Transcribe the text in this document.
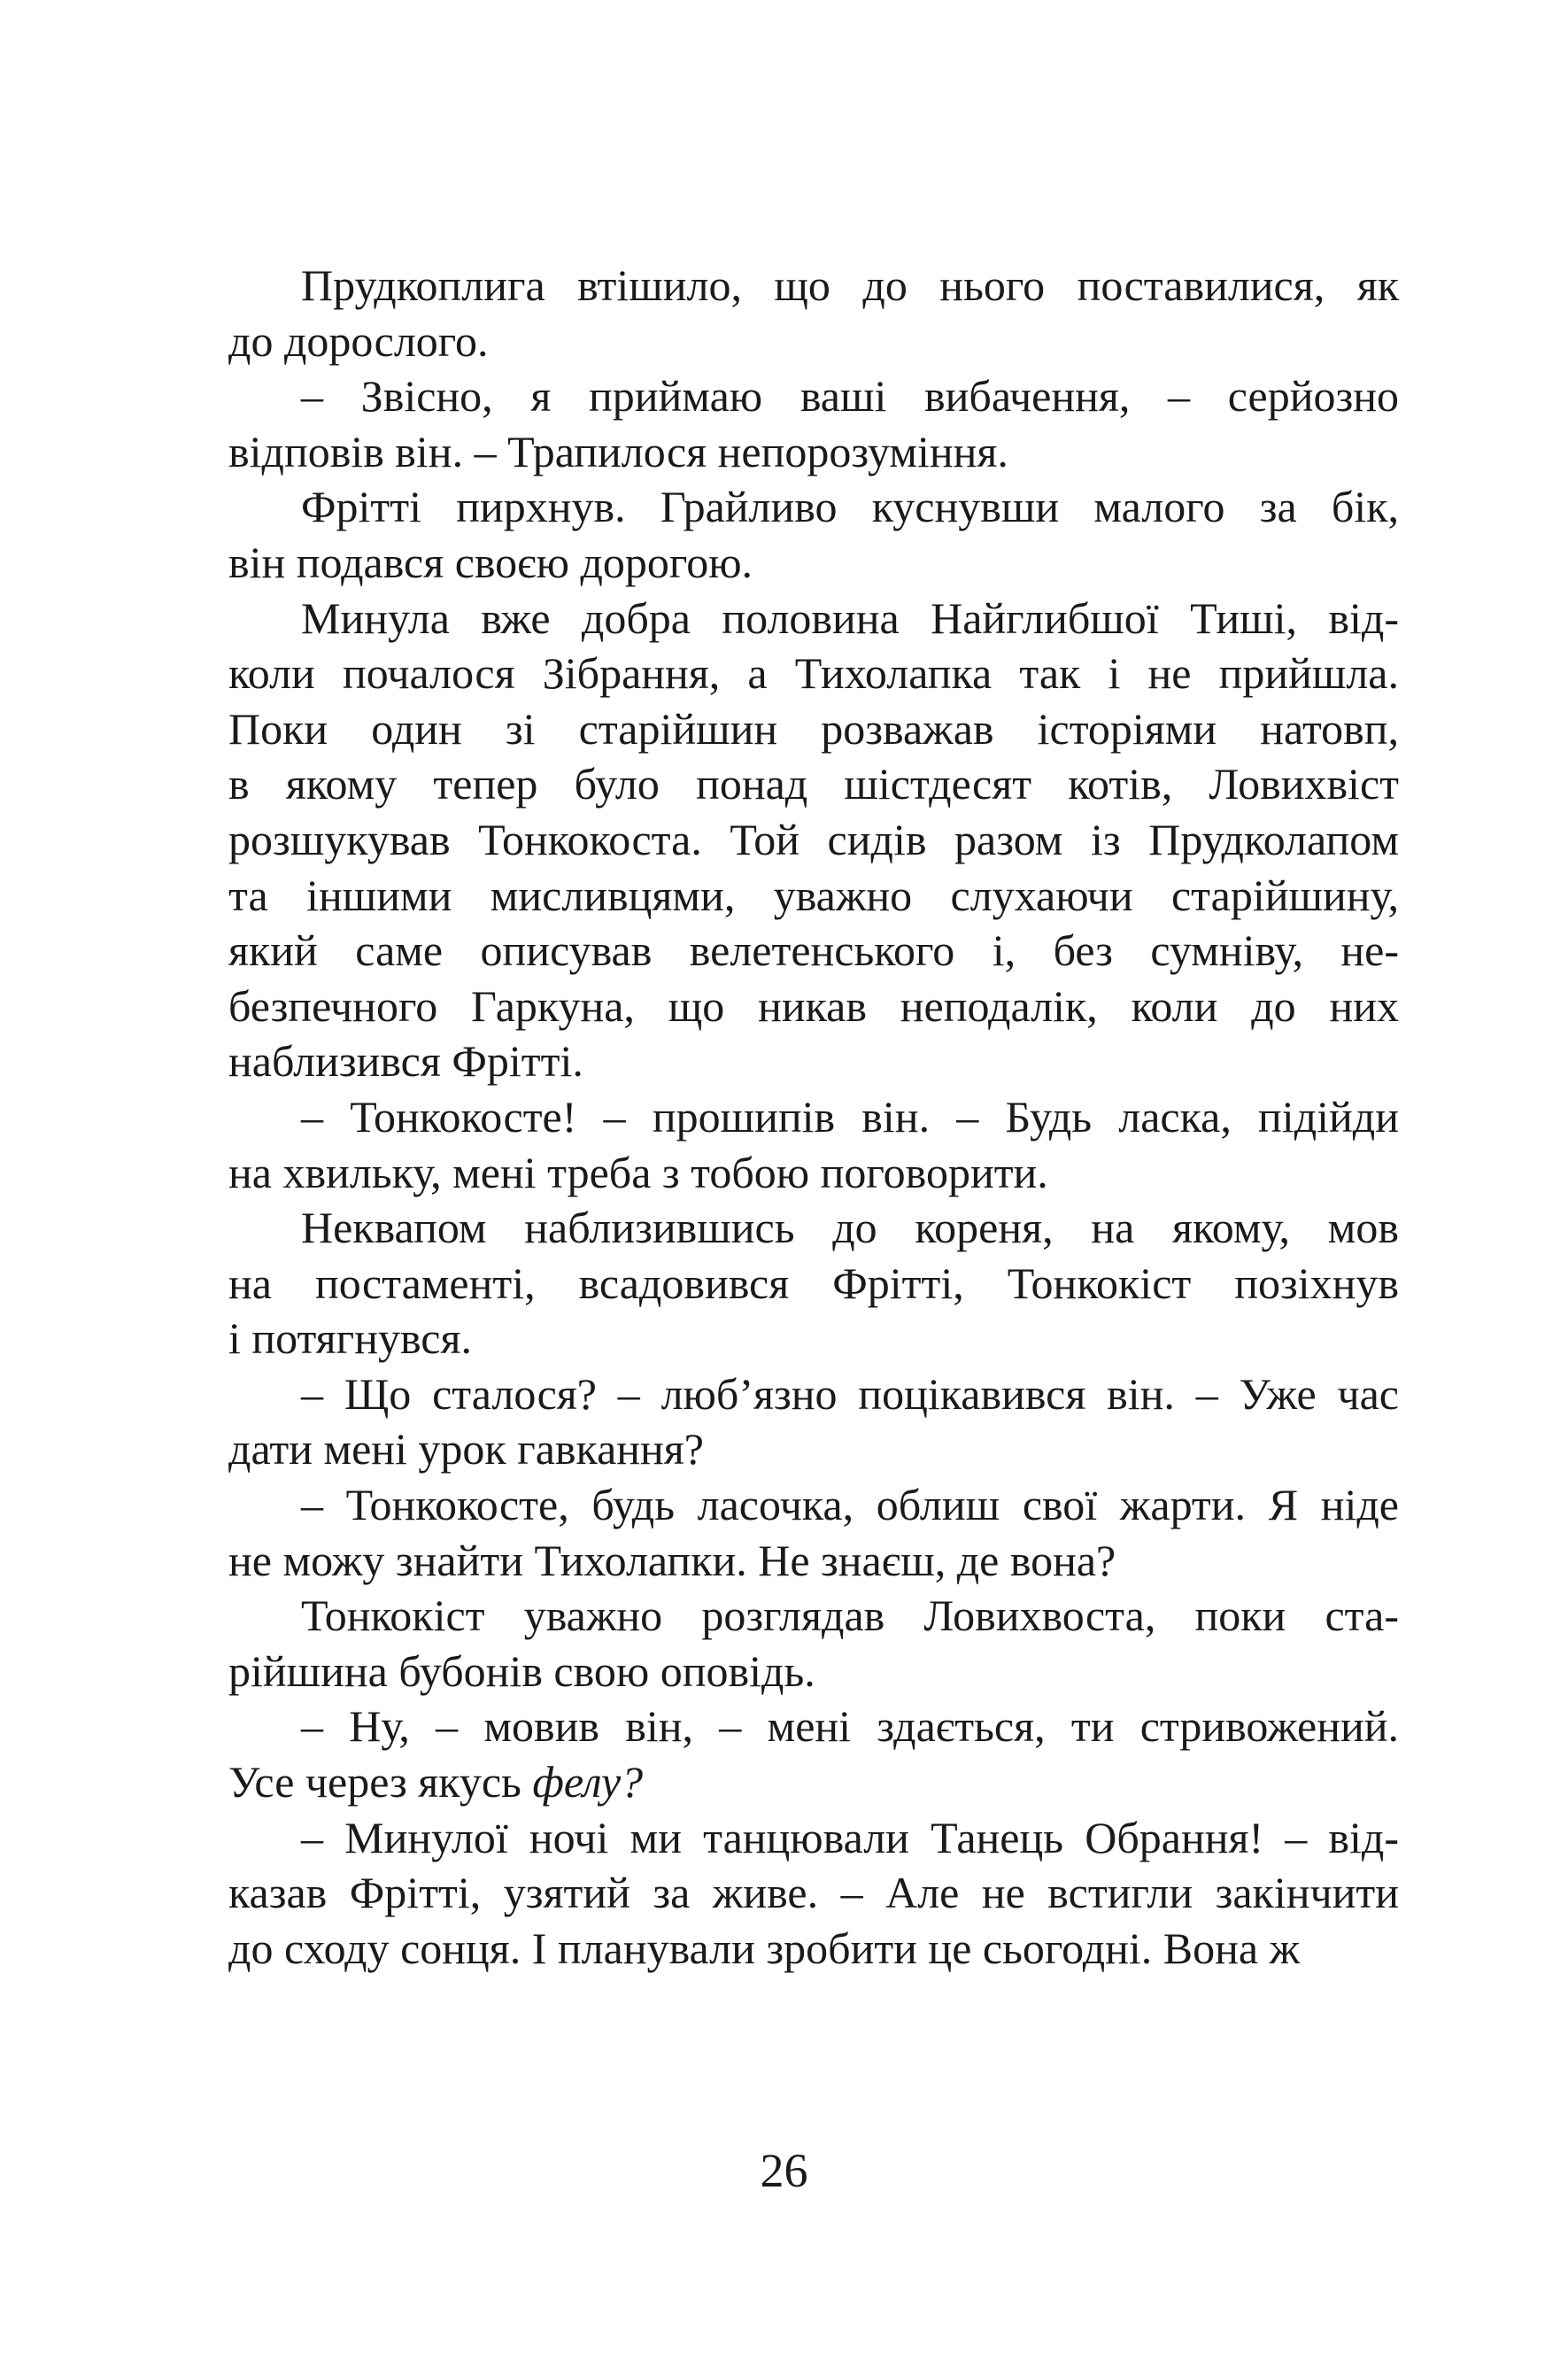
Прудкоплига втішило, що до нього поставилися, як
до дорослого.
– Звісно, я приймаю ваші вибачення, – серйозно
відповів він. – Трапилося непорозуміння.
Фрітті пирхнув. Грайливо куснувши малого за бік,
він подався своєю дорогою.
Минула вже добра половина Найглибшої Тиші, від-
коли почалося Зібрання, а Тихолапка так і не прийшла.
Поки один зі старійшин розважав історіями натовп,
в якому тепер було понад шістдесят котів, Ловихвіст
розшукував Тонкокоста. Той сидів разом із Прудколапом
та іншими мисливцями, уважно слухаючи старійшину,
який саме описував велетенського і, без сумніву, не-
безпечного Гаркуна, що никав неподалік, коли до них
наблизився Фрітті.
– Тонкокосте! – прошипів він. – Будь ласка, підійди
на хвильку, мені треба з тобою поговорити.
Неквапом наблизившись до кореня, на якому, мов
на постаменті, всадовився Фрітті, Тонкокіст позіхнув
і потягнувся.
– Що сталося? – люб’язно поцікавився він. – Уже час
дати мені урок гавкання?
– Тонкокосте, будь ласочка, облиш свої жарти. Я ніде
не можу знайти Тихолапки. Не знаєш, де вона?
Тонкокіст уважно розглядав Ловихвоста, поки ста-
рійшина бубонів свою оповідь.
– Ну, – мовив він, – мені здається, ти стривожений.
Усе через якусь фелу?
– Минулої ночі ми танцювали Танець Обрання! – від-
казав Фрітті, узятий за живе. – Але не встигли закінчити
до сходу сонця. І планували зробити це сьогодні. Вона ж
26
